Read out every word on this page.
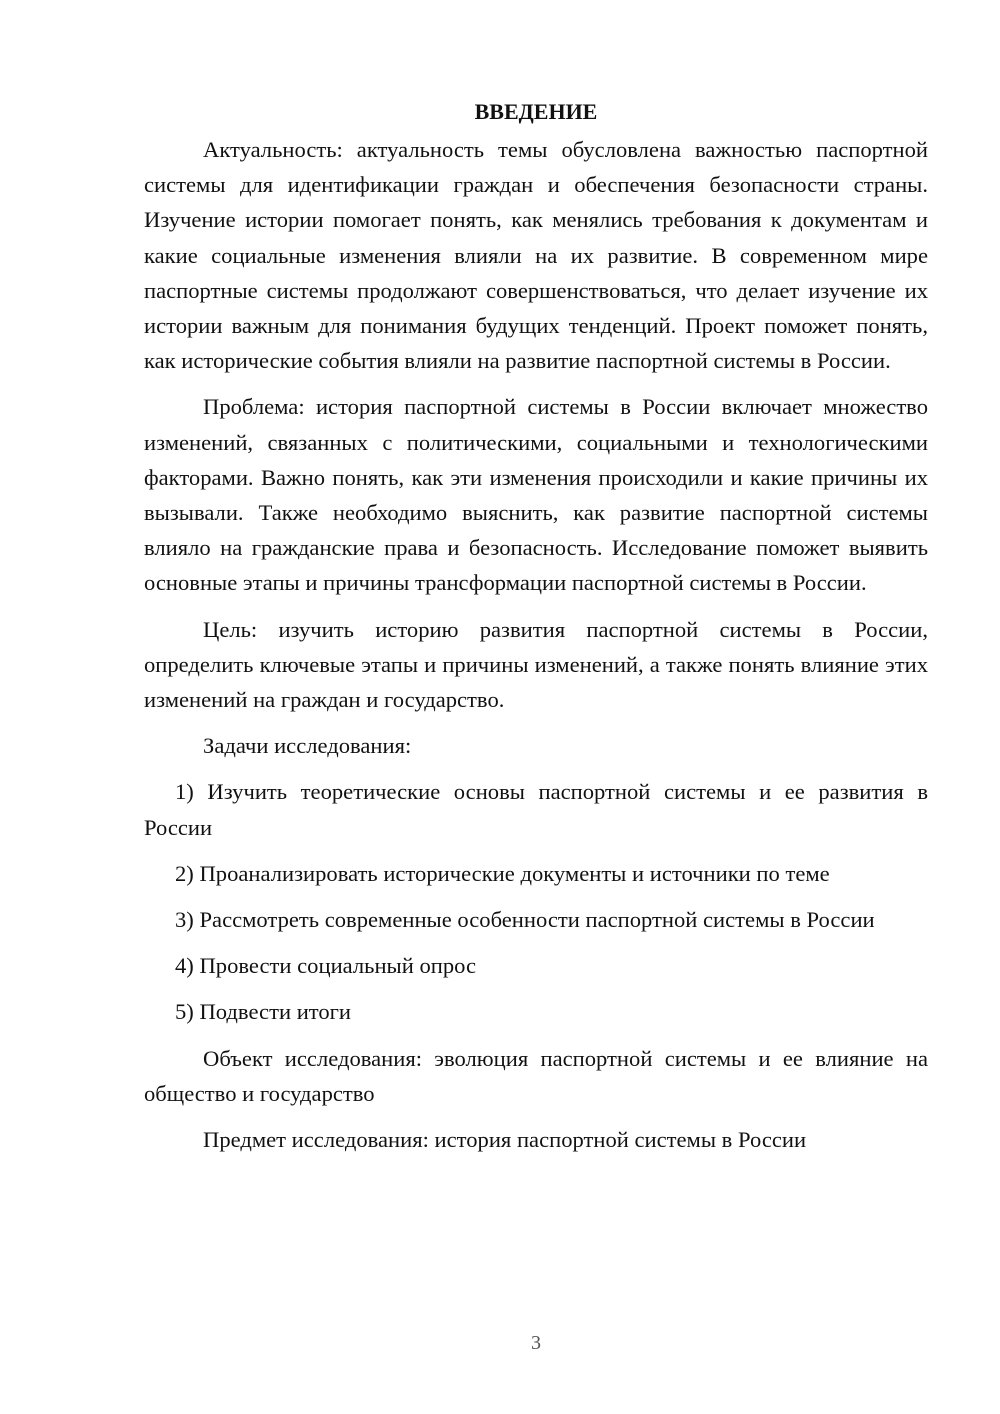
ВВЕДЕНИЕ

Актуальность: актуальность темы обусловлена важностью паспортной системы для идентификации граждан и обеспечения безопасности страны. Изучение истории помогает понять, как менялись требования к документам и какие социальные изменения влияли на их развитие. В современном мире паспортные системы продолжают совершенствоваться, что делает изучение их истории важным для понимания будущих тенденций. Проект поможет понять, как исторические события влияли на развитие паспортной системы в России.

Проблема: история паспортной системы в России включает множество изменений, связанных с политическими, социальными и технологическими факторами. Важно понять, как эти изменения происходили и какие причины их вызывали. Также необходимо выяснить, как развитие паспортной системы влияло на гражданские права и безопасность. Исследование поможет выявить основные этапы и причины трансформации паспортной системы в России.

Цель: изучить историю развития паспортной системы в России, определить ключевые этапы и причины изменений, а также понять влияние этих изменений на граждан и государство.

Задачи исследования:

1) Изучить теоретические основы паспортной системы и ее развития в России

2) Проанализировать исторические документы и источники по теме

3) Рассмотреть современные особенности паспортной системы в России

4) Провести социальный опрос

5) Подвести итоги

Объект исследования: эволюция паспортной системы и ее влияние на общество и государство

Предмет исследования: история паспортной системы в России

3
